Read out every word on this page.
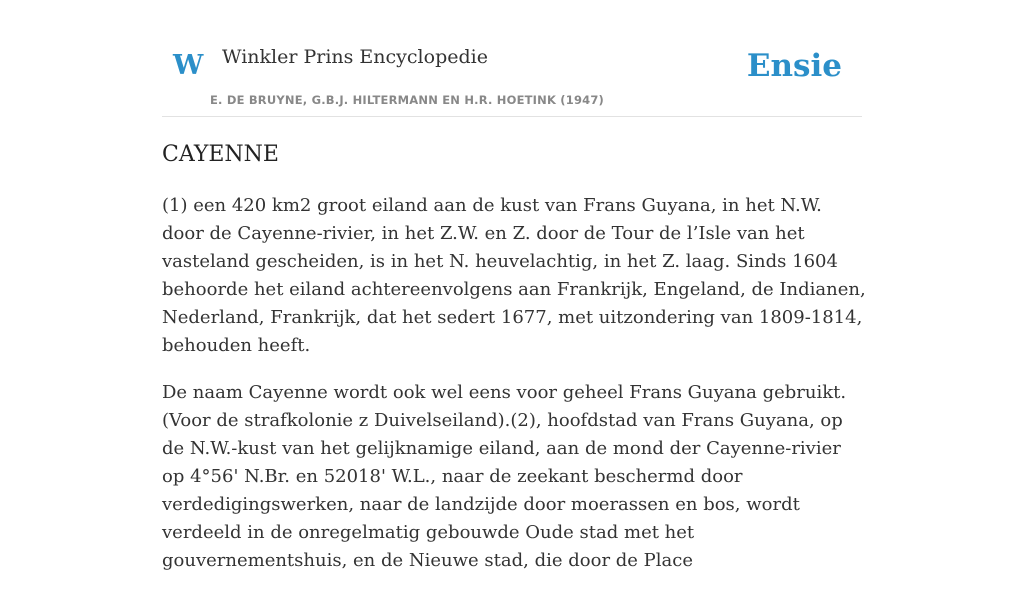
W Winkler Prins Encyclopedie
E. DE BRUYNE, G.B.J. HILTERMANN EN H.R. HOETINK (1947)
Ensie
CAYENNE

(1) een 420 km2 groot eiland aan de kust van Frans Guyana, in het N.W. door de Cayenne-rivier, in het Z.W. en Z. door de Tour de l’Isle van het vasteland gescheiden, is in het N. heuvelachtig, in het Z. laag. Sinds 1604 behoorde het eiland achtereenvolgens aan Frankrijk, Engeland, de Indianen, Nederland, Frankrijk, dat het sedert 1677, met uitzondering van 1809-1814, behouden heeft.

De naam Cayenne wordt ook wel eens voor geheel Frans Guyana gebruikt. (Voor de strafkolonie z Duivelseiland).(2), hoofdstad van Frans Guyana, op de N.W.-kust van het gelijknamige eiland, aan de mond der Cayenne-rivier op 4°56' N.Br. en 52018' W.L., naar de zeekant beschermd door verdedigingswerken, naar de landzijde door moerassen en bos, wordt verdeeld in de onregelmatig gebouwde Oude stad met het gouvernementshuis, en de Nieuwe stad, die door de Place
